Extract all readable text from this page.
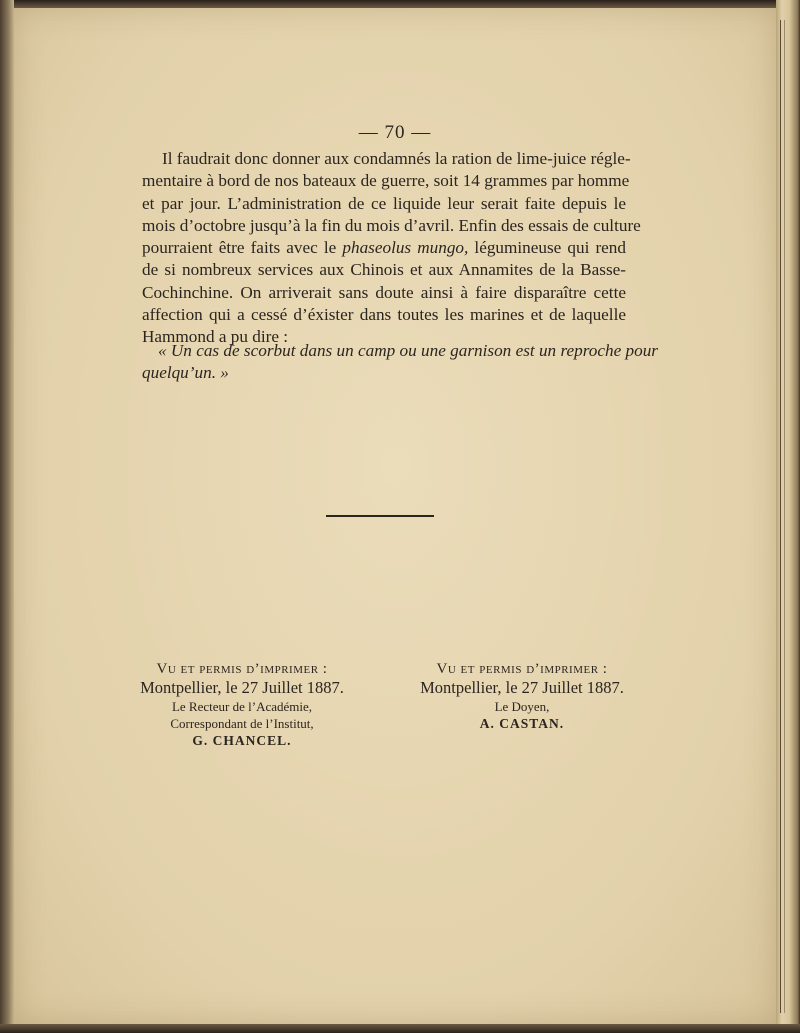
— 70 —
Il faudrait donc donner aux condamnés la ration de lime-juice régle-
mentaire à bord de nos bateaux de guerre, soit 14 grammes par homme
et par jour. L’administration de ce liquide leur serait faite depuis le
mois d’octobre jusqu’à la fin du mois d’avril. Enfin des essais de culture
pourraient être faits avec le phaseolus mungo, légumineuse qui rend
de si nombreux services aux Chinois et aux Annamites de la Basse-
Cochinchine. On arriverait sans doute ainsi à faire disparaître cette
affection qui a cessé d’éxister dans toutes les marines et de laquelle
Hammond a pu dire :
« Un cas de scorbut dans un camp ou une garnison est un reproche pour
quelqu’un. »
Vu et permis d’imprimer :
Montpellier, le 27 Juillet 1887.
Le Recteur de l’Académie,
Correspondant de l’Institut,
G. CHANCEL.
Vu et permis d’imprimer :
Montpellier, le 27 Juillet 1887.
Le Doyen,
A. CASTAN.
